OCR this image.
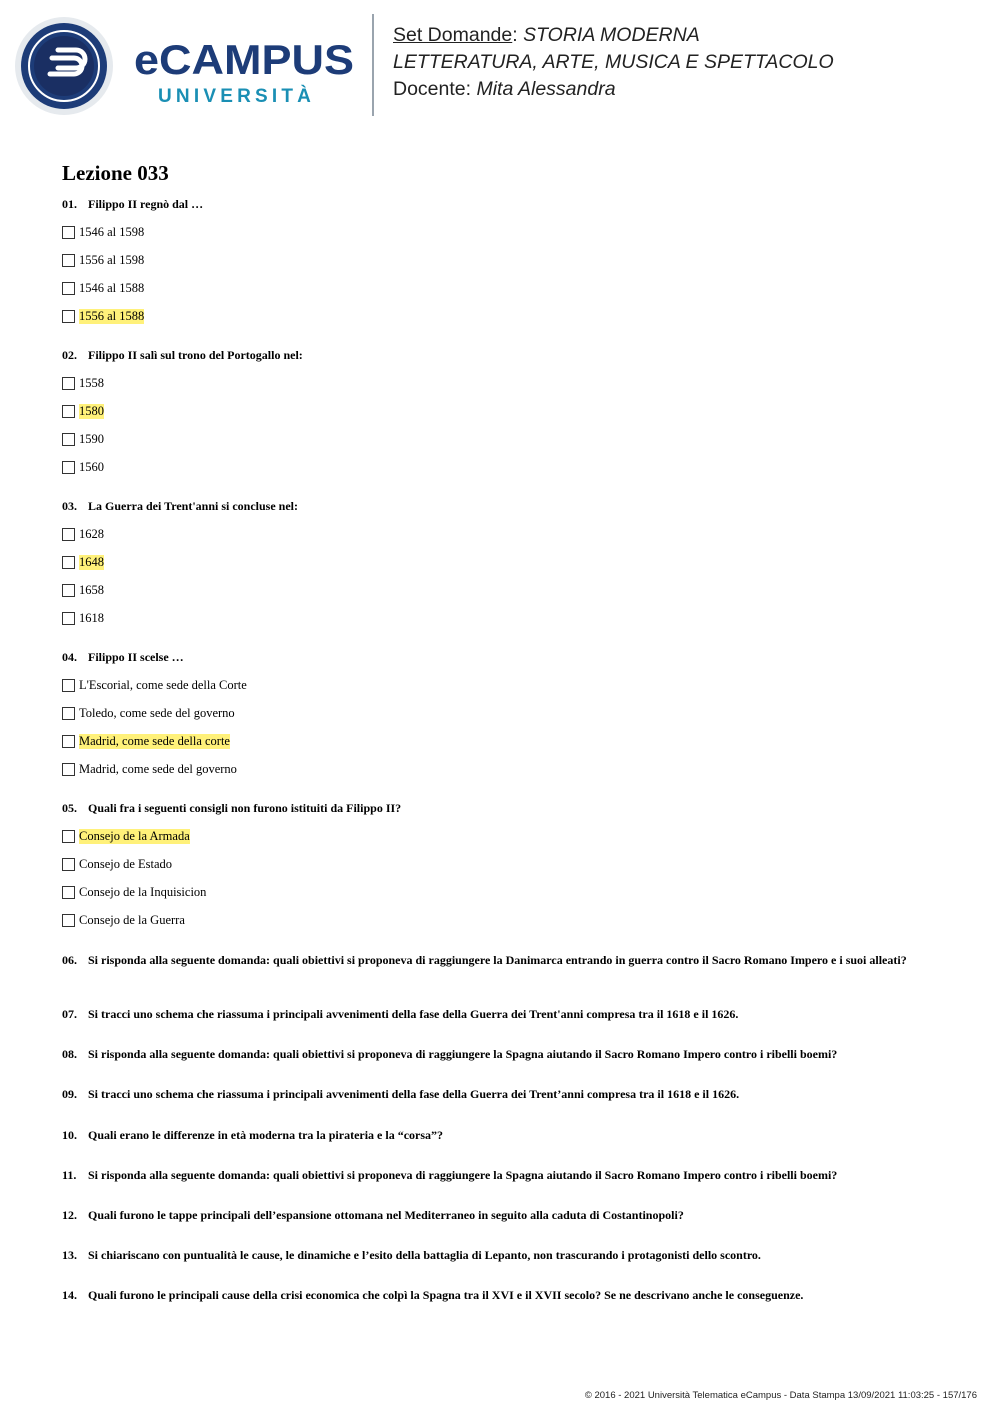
eCAMPUS
UNIVERSITÀ
Set Domande: STORIA MODERNA
LETTERATURA, ARTE, MUSICA E SPETTACOLO
Docente: Mita Alessandra
Lezione 033
01. Filippo II regnò dal …
1546 al 1598
1556 al 1598
1546 al 1588
1556 al 1588
02. Filippo II salì sul trono del Portogallo nel:
1558
1580
1590
1560
03. La Guerra dei Trent'anni si concluse nel:
1628
1648
1658
1618
04. Filippo II scelse …
L'Escorial, come sede della Corte
Toledo, come sede del governo
Madrid, come sede della corte
Madrid, come sede del governo
05. Quali fra i seguenti consigli non furono istituiti da Filippo II?
Consejo de la Armada
Consejo de Estado
Consejo de la Inquisicion
Consejo de la Guerra
06. Si risponda alla seguente domanda: quali obiettivi si proponeva di raggiungere la Danimarca entrando in guerra contro il Sacro Romano Impero e i suoi alleati?
07. Si tracci uno schema che riassuma i principali avvenimenti della fase della Guerra dei Trent'anni compresa tra il 1618 e il 1626.
08. Si risponda alla seguente domanda: quali obiettivi si proponeva di raggiungere la Spagna aiutando il Sacro Romano Impero contro i ribelli boemi?
09. Si tracci uno schema che riassuma i principali avvenimenti della fase della Guerra dei Trent’anni compresa tra il 1618 e il 1626.
10. Quali erano le differenze in età moderna tra la pirateria e la “corsa”?
11. Si risponda alla seguente domanda: quali obiettivi si proponeva di raggiungere la Spagna aiutando il Sacro Romano Impero contro i ribelli boemi?
12. Quali furono le tappe principali dell’espansione ottomana nel Mediterraneo in seguito alla caduta di Costantinopoli?
13. Si chiariscano con puntualità le cause, le dinamiche e l’esito della battaglia di Lepanto, non trascurando i protagonisti dello scontro.
14. Quali furono le principali cause della crisi economica che colpì la Spagna tra il XVI e il XVII secolo? Se ne descrivano anche le conseguenze.
© 2016 - 2021 Università Telematica eCampus - Data Stampa 13/09/2021 11:03:25 - 157/176
